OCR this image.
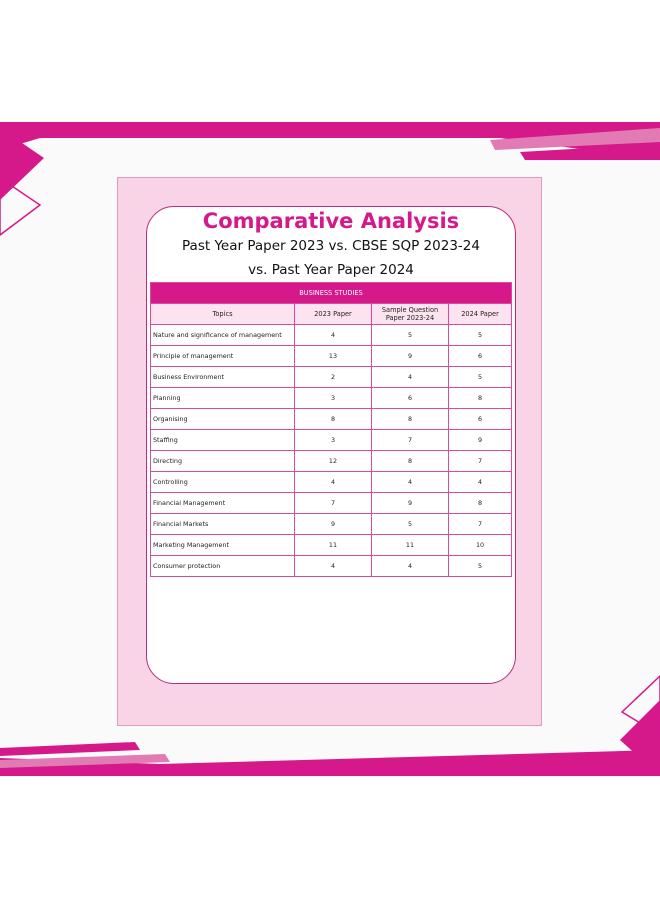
Comparative Analysis
Past Year Paper 2023 vs. CBSE SQP 2023-24
vs. Past Year Paper 2024
BUSINESS STUDIES			
Topics	2023 Paper	Sample Question Paper 2023-24	2024 Paper
Nature and significance of management	4	5	5
Principle of management	13	9	6
Business Environment	2	4	5
Planning	3	6	8
Organising	8	8	6
Staffing	3	7	9
Directing	12	8	7
Controlling	4	4	4
Financial Management	7	9	8
Financial Markets	9	5	7
Marketing Management	11	11	10
Consumer protection	4	4	5
